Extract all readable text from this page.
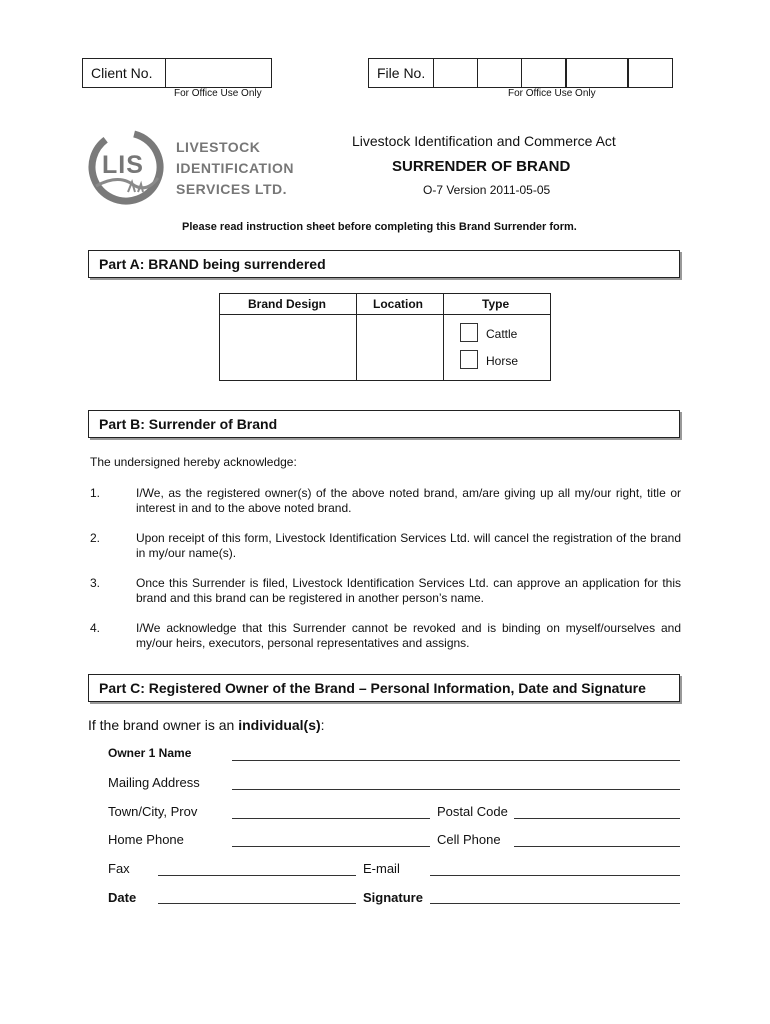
Client No.
For Office Use Only
File No.
For Office Use Only
LIS
LIVESTOCK
IDENTIFICATION
SERVICES LTD.
Livestock Identification and Commerce Act
SURRENDER OF BRAND
O-7 Version 2011-05-05
Please read instruction sheet before completing this Brand Surrender form.
Part A: BRAND being surrendered
Brand Design	Location	Type
Cattle
Horse
Part B: Surrender of Brand
The undersigned hereby acknowledge:
1.	I/We, as the registered owner(s) of the above noted brand, am/are giving up all my/our right, title or interest in and to the above noted brand.
2.	Upon receipt of this form, Livestock Identification Services Ltd. will cancel the registration of the brand in my/our name(s).
3.	Once this Surrender is filed, Livestock Identification Services Ltd. can approve an application for this brand and this brand can be registered in another person’s name.
4.	I/We acknowledge that this Surrender cannot be revoked and is binding on myself/ourselves and my/our heirs, executors, personal representatives and assigns.
Part C: Registered Owner of the Brand – Personal Information, Date and Signature
If the brand owner is an individual(s):
Owner 1 Name
Mailing Address
Town/City, Prov	Postal Code
Home Phone	Cell Phone
Fax	E-mail
Date	Signature
